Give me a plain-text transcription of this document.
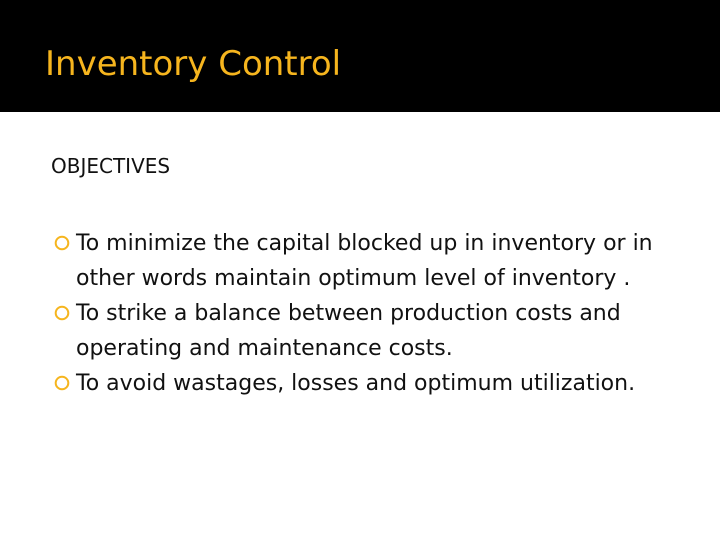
Inventory Control
OBJECTIVES
To minimize the capital blocked up in inventory or in other words maintain optimum level of inventory .
To strike a balance between production costs and operating and maintenance costs.
To avoid wastages, losses and optimum utilization.
